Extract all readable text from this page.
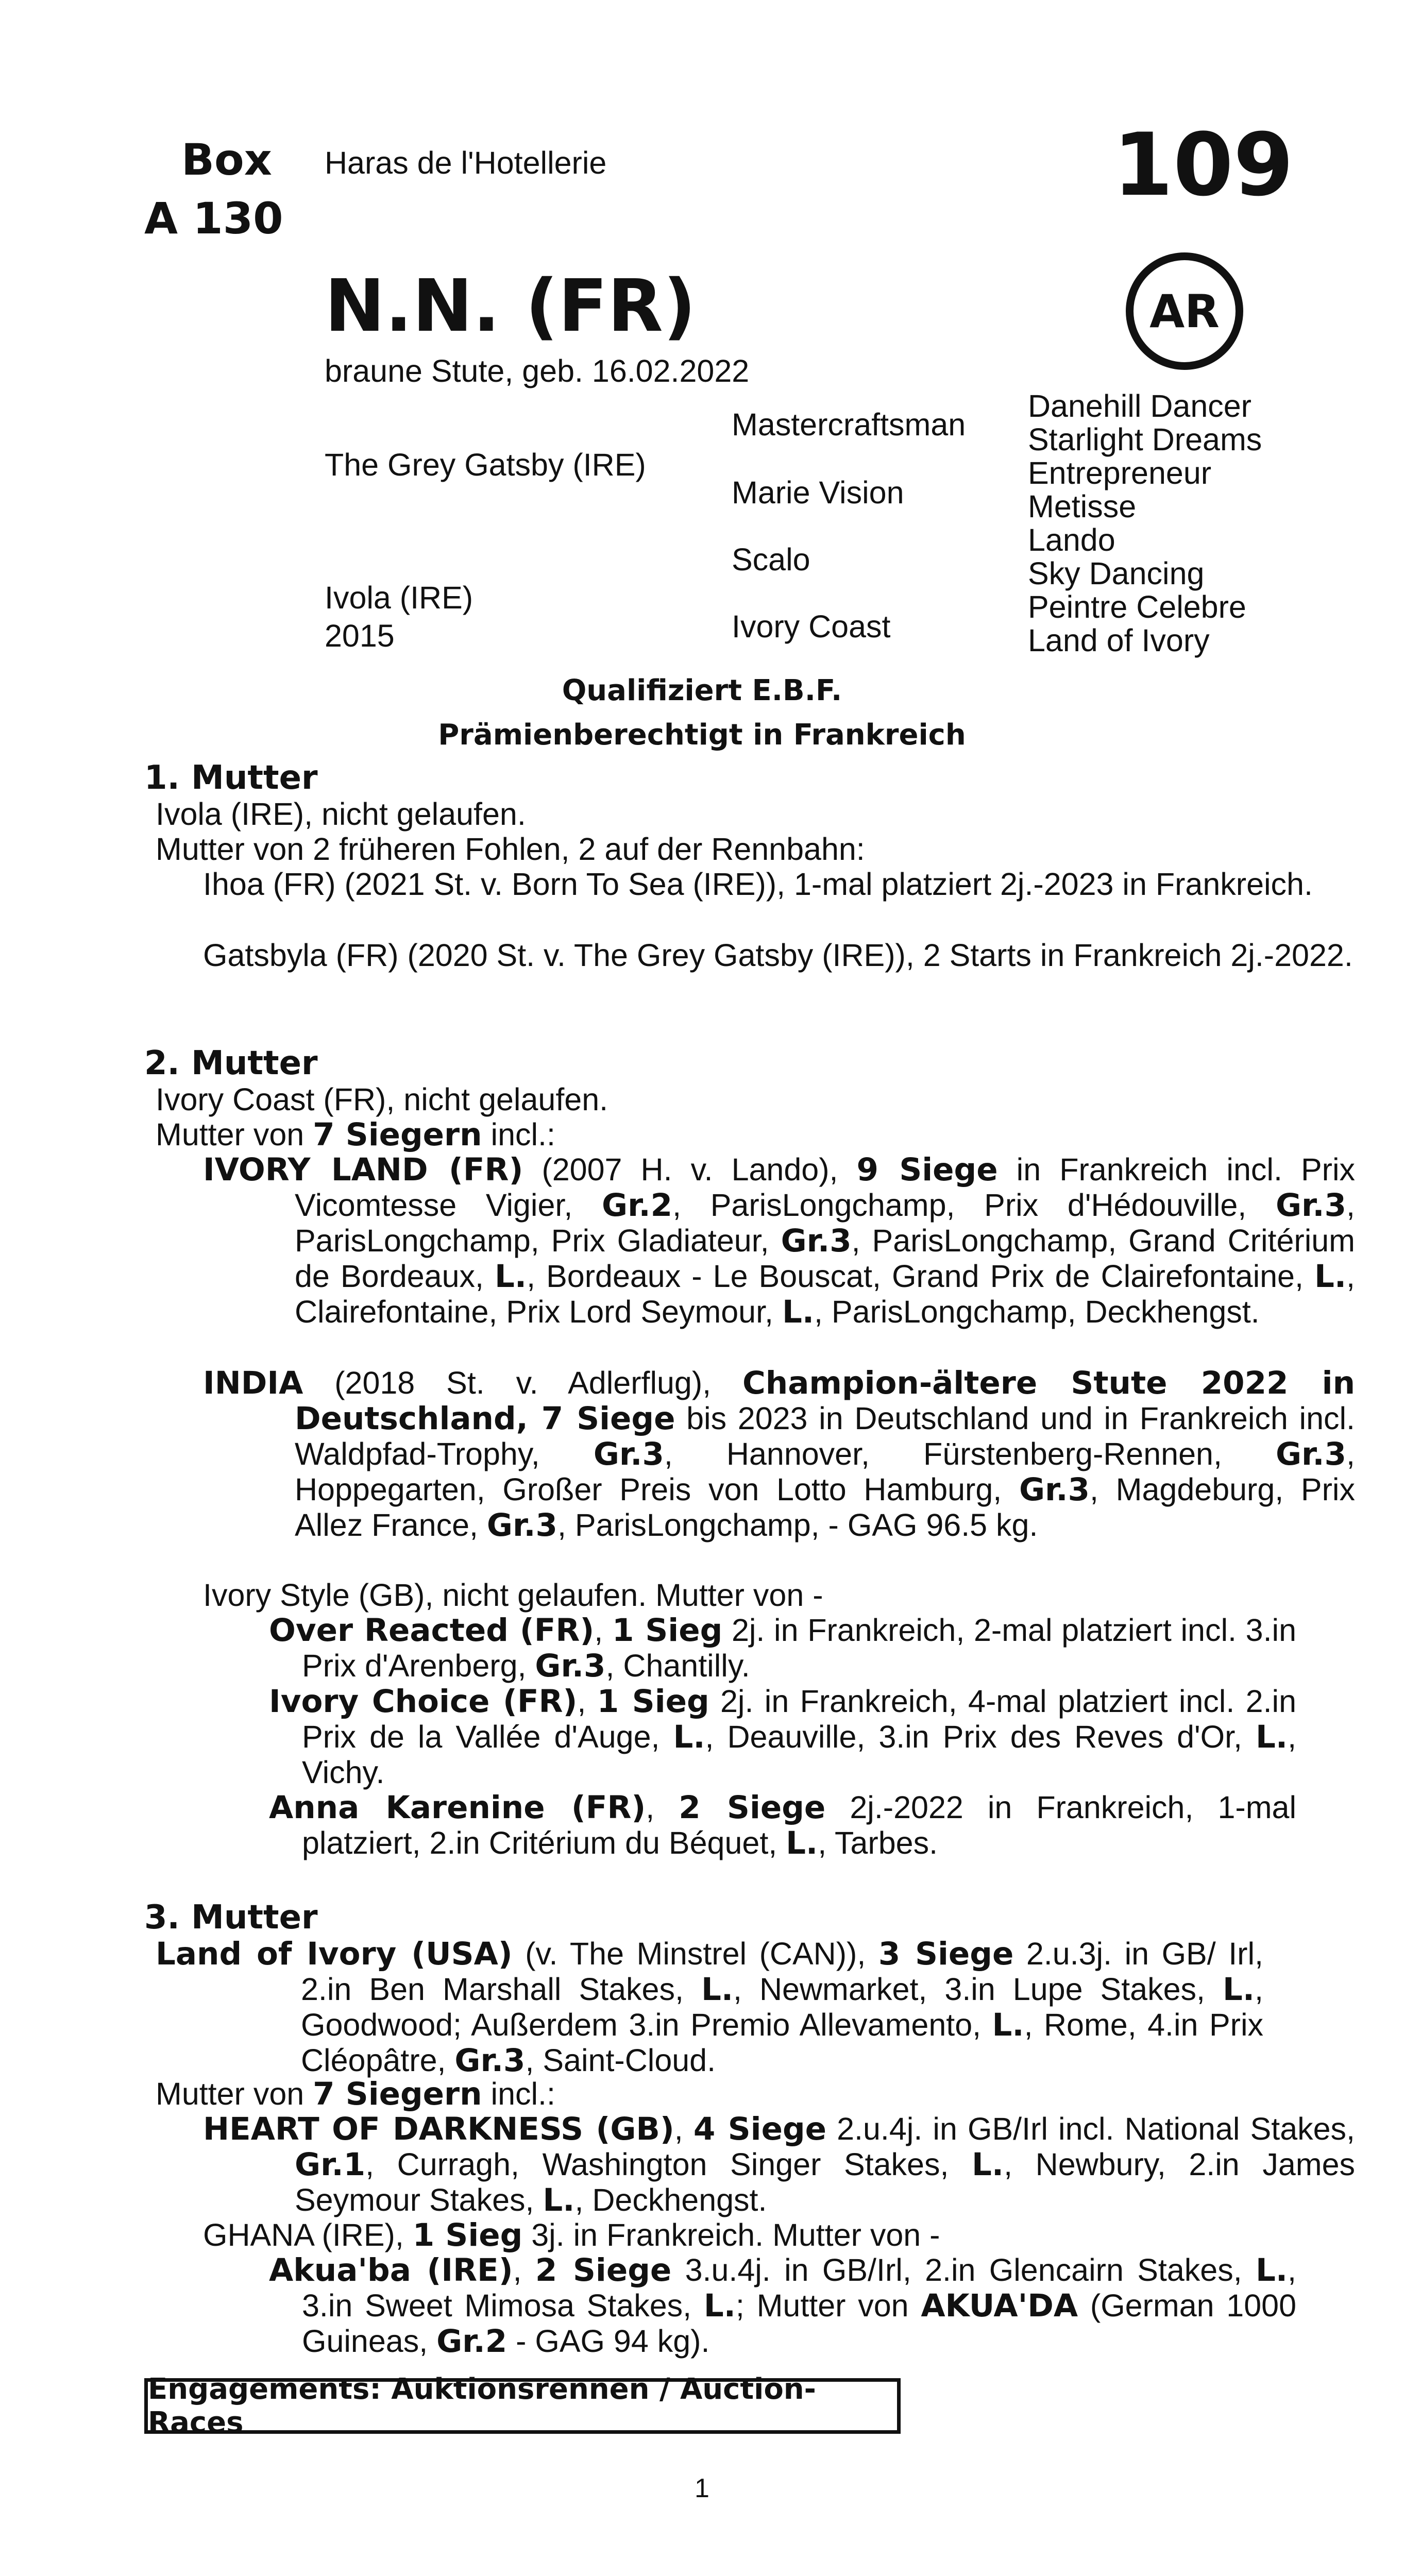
Box
A 130
Haras de l'Hotellerie	109
AR
N.N. (FR)
braune Stute, geb. 16.02.2022
The Grey Gatsby (IRE)
Ivola (IRE)
2015
Mastercraftsman
Marie Vision
Scalo
Ivory Coast
Danehill Dancer
Starlight Dreams
Entrepreneur
Metisse
Lando
Sky Dancing
Peintre Celebre
Land of Ivory
Qualifiziert E.B.F.
Prämienberechtigt in Frankreich
1. Mutter
Ivola (IRE), nicht gelaufen.
Mutter von 2 früheren Fohlen, 2 auf der Rennbahn:
Ihoa (FR) (2021 St. v. Born To Sea (IRE)), 1-mal platziert 2j.-2023 in Frankreich.
Gatsbyla (FR) (2020 St. v. The Grey Gatsby (IRE)), 2 Starts in Frankreich 2j.-2022.
2. Mutter
Ivory Coast (FR), nicht gelaufen.
Mutter von 7 Siegern incl.:
IVORY LAND (FR) (2007 H. v. Lando), 9 Siege in Frankreich incl. Prix Vicomtesse Vigier, Gr.2, ParisLongchamp, Prix d'Hédouville, Gr.3, ParisLongchamp, Prix Gladiateur, Gr.3, ParisLongchamp, Grand Critérium de Bordeaux, L., Bordeaux - Le Bouscat, Grand Prix de Clairefontaine, L., Clairefontaine, Prix Lord Seymour, L., ParisLongchamp, Deckhengst.
INDIA (2018 St. v. Adlerflug), Champion-ältere Stute 2022 in Deutschland, 7 Siege bis 2023 in Deutschland und in Frankreich incl. Waldpfad-Trophy, Gr.3, Hannover, Fürstenberg-Rennen, Gr.3, Hoppegarten, Großer Preis von Lotto Hamburg, Gr.3, Magdeburg, Prix Allez France, Gr.3, ParisLongchamp, - GAG 96.5 kg.
Ivory Style (GB), nicht gelaufen. Mutter von -
Over Reacted (FR), 1 Sieg 2j. in Frankreich, 2-mal platziert incl. 3.in Prix d'Arenberg, Gr.3, Chantilly.
Ivory Choice (FR), 1 Sieg 2j. in Frankreich, 4-mal platziert incl. 2.in Prix de la Vallée d'Auge, L., Deauville, 3.in Prix des Reves d'Or, L., Vichy.
Anna Karenine (FR), 2 Siege 2j.-2022 in Frankreich, 1-mal platziert, 2.in Critérium du Béquet, L., Tarbes.
3. Mutter
Land of Ivory (USA) (v. The Minstrel (CAN)), 3 Siege 2.u.3j. in GB/ Irl, 2.in Ben Marshall Stakes, L., Newmarket, 3.in Lupe Stakes, L., Goodwood; Außerdem 3.in Premio Allevamento, L., Rome, 4.in Prix Cléopâtre, Gr.3, Saint-Cloud.
Mutter von 7 Siegern incl.:
HEART OF DARKNESS (GB), 4 Siege 2.u.4j. in GB/Irl incl. National Stakes, Gr.1, Curragh, Washington Singer Stakes, L., Newbury, 2.in James Seymour Stakes, L., Deckhengst.
GHANA (IRE), 1 Sieg 3j. in Frankreich. Mutter von -
Akua'ba (IRE), 2 Siege 3.u.4j. in GB/Irl, 2.in Glencairn Stakes, L., 3.in Sweet Mimosa Stakes, L.; Mutter von AKUA'DA (German 1000 Guineas, Gr.2 - GAG 94 kg).
Engagements: Auktionsrennen / Auction-Races
1
